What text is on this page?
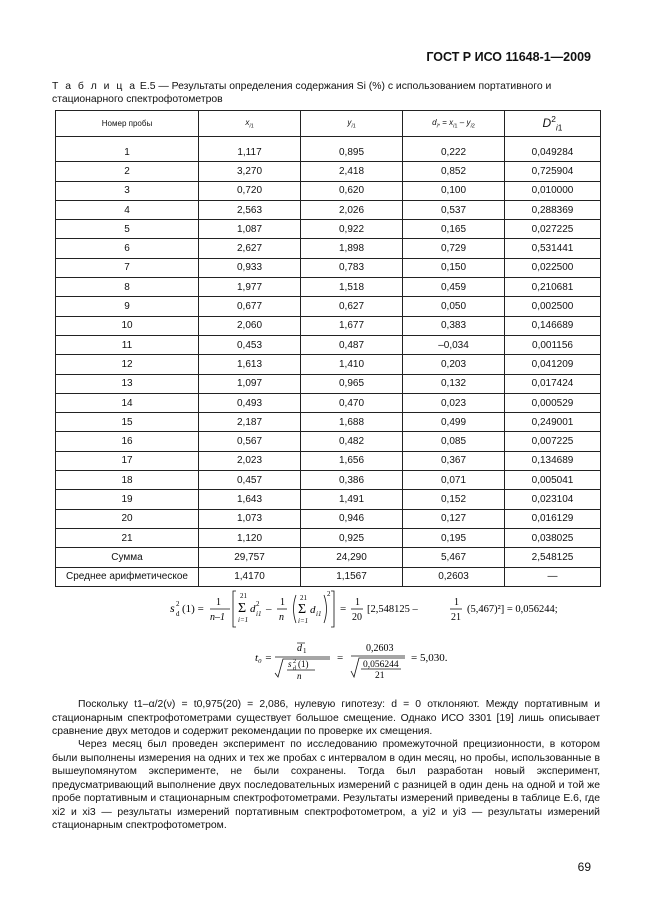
ГОСТ Р ИСО 11648-1—2009
Т а б л и ц а Е.5 — Результаты определения содержания Si (%) с использованием портативного и стационарного спектрофотометров
Номер пробы	$x_{i1}$	$y_{i1}$	$d_{i*} = x_{i1} - y_{i2}$	$D^2_{i1}$
1	1,117	0,895	0,222	0,049284
2	3,270	2,418	0,852	0,725904
3	0,720	0,620	0,100	0,010000
4	2,563	2,026	0,537	0,288369
5	1,087	0,922	0,165	0,027225
6	2,627	1,898	0,729	0,531441
7	0,933	0,783	0,150	0,022500
8	1,977	1,518	0,459	0,210681
9	0,677	0,627	0,050	0,002500
10	2,060	1,677	0,383	0,146689
11	0,453	0,487	–0,034	0,001156
12	1,613	1,410	0,203	0,041209
13	1,097	0,965	0,132	0,017424
14	0,493	0,470	0,023	0,000529
15	2,187	1,688	0,499	0,249001
16	0,567	0,482	0,085	0,007225
17	2,023	1,656	0,367	0,134689
18	0,457	0,386	0,071	0,005041
19	1,643	1,491	0,152	0,023104
20	1,073	0,946	0,127	0,016129
21	1,120	0,925	0,195	0,038025
Сумма	29,757	24,290	5,467	2,548125
Среднее арифметическое	1,4170	1,1567	0,2603	—
s 2
d (1) =
1
n–1
21
Σ
i=1
d 2
i1 –
1
n
21
Σ
i=1
d i1
2
=
1
20
[2,548125 –
1
21
(5,467)²] = 0,056244;
t₀ =
d 1
s 2
d (1)
n
=
0,2603
0,056244
21
= 5,030.
Поскольку t1–α/2(ν) = t0,975(20) = 2,086, нулевую гипотезу: d = 0 отклоняют. Между портативным и стационарным спектрофотометрами существует большое смещение. Однако ИСО 3301 [19] лишь описывает сравнение двух методов и содержит рекомендации по проверке их смещения.
Через месяц был проведен эксперимент по исследованию промежуточной прецизионности, в котором были выполнены измерения на одних и тех же пробах с интервалом в один месяц, но пробы, использованные в вышеупомянутом эксперименте, не были сохранены. Тогда был разработан новый эксперимент, предусматривающий выполнение двух последовательных измерений с разницей в один день на одной и той же пробе портативным и стационарным спектрофотометрами. Результаты измерений приведены в таблице Е.6, где xi2 и xi3 — результаты измерений портативным спектрофотометром, а yi2 и yi3 — результаты измерений стационарным спектрофотометром.
69
